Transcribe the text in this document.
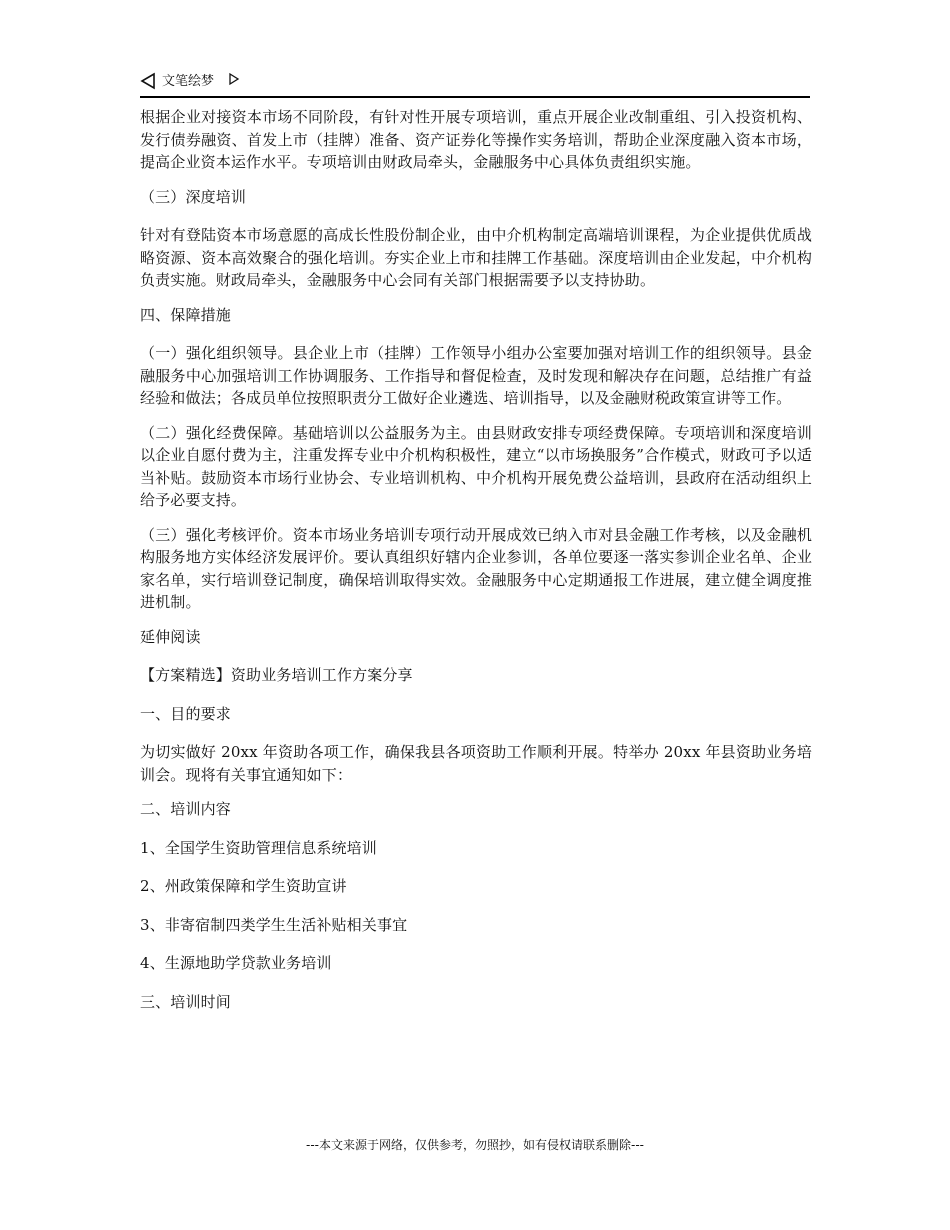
文笔绘梦

根据企业对接资本市场不同阶段，有针对性开展专项培训，重点开展企业改制重组、引入投资机构、发行债券融资、首发上市（挂牌）准备、资产证券化等操作实务培训，帮助企业深度融入资本市场，提高企业资本运作水平。专项培训由财政局牵头，金融服务中心具体负责组织实施。

（三）深度培训

针对有登陆资本市场意愿的高成长性股份制企业，由中介机构制定高端培训课程，为企业提供优质战略资源、资本高效聚合的强化培训。夯实企业上市和挂牌工作基础。深度培训由企业发起，中介机构负责实施。财政局牵头，金融服务中心会同有关部门根据需要予以支持协助。

四、保障措施

（一）强化组织领导。县企业上市（挂牌）工作领导小组办公室要加强对培训工作的组织领导。县金融服务中心加强培训工作协调服务、工作指导和督促检查，及时发现和解决存在问题，总结推广有益经验和做法；各成员单位按照职责分工做好企业遴选、培训指导，以及金融财税政策宣讲等工作。

（二）强化经费保障。基础培训以公益服务为主。由县财政安排专项经费保障。专项培训和深度培训以企业自愿付费为主，注重发挥专业中介机构积极性，建立“以市场换服务”合作模式，财政可予以适当补贴。鼓励资本市场行业协会、专业培训机构、中介机构开展免费公益培训，县政府在活动组织上给予必要支持。

（三）强化考核评价。资本市场业务培训专项行动开展成效已纳入市对县金融工作考核，以及金融机构服务地方实体经济发展评价。要认真组织好辖内企业参训，各单位要逐一落实参训企业名单、企业家名单，实行培训登记制度，确保培训取得实效。金融服务中心定期通报工作进展，建立健全调度推进机制。

延伸阅读

【方案精选】资助业务培训工作方案分享

一、目的要求

为切实做好 20xx 年资助各项工作，确保我县各项资助工作顺利开展。特举办 20xx 年县资助业务培训会。现将有关事宜通知如下：

二、培训内容

1、全国学生资助管理信息系统培训

2、州政策保障和学生资助宣讲

3、非寄宿制四类学生生活补贴相关事宜

4、生源地助学贷款业务培训

三、培训时间

---本文来源于网络，仅供参考，勿照抄，如有侵权请联系删除---
